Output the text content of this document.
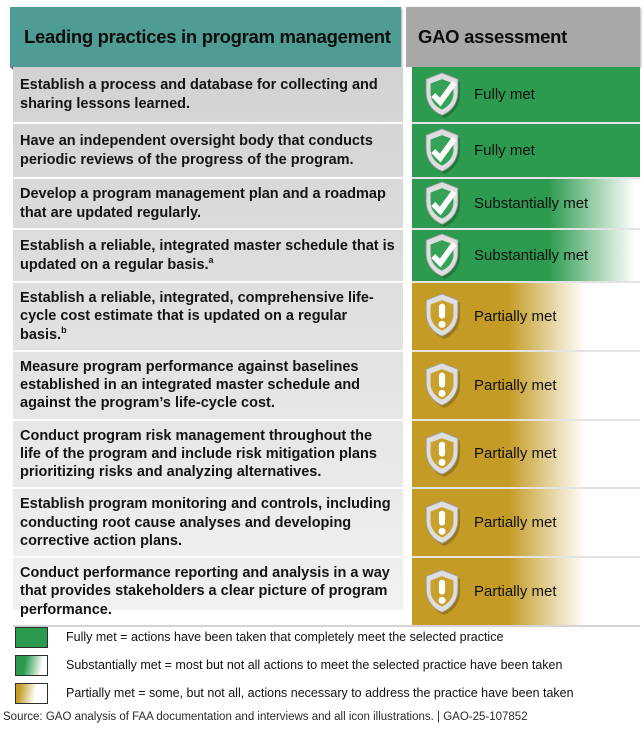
Leading practices in program management GAO assessment
Establish a process and database for collecting and sharing lessons learned.
Fully met
Have an independent oversight body that conducts periodic reviews of the progress of the program.
Fully met
Develop a program management plan and a roadmap that are updated regularly.
Substantially met
Establish a reliable, integrated master schedule that is updated on a regular basis.$^a$	Substantially met
Establish a reliable, integrated, comprehensive life-cycle cost estimate that is updated on a regular basis.$^b$
Partially met
Measure program performance against baselines established in an integrated master schedule and against the program’s life-cycle cost.
Partially met
Conduct program risk management throughout the life of the program and include risk mitigation plans prioritizing risks and analyzing alternatives.
Partially met
Establish program monitoring and controls, including conducting root cause analyses and developing corrective action plans.
Partially met
Conduct performance reporting and analysis in a way that provides stakeholders a clear picture of program performance.
Partially met
Fully met = actions have been taken that completely meet the selected practice
Substantially met = most but not all actions to meet the selected practice have been taken
Partially met = some, but not all, actions necessary to address the practice have been taken
Source: GAO analysis of FAA documentation and interviews and all icon illustrations. | GAO-25-107852
